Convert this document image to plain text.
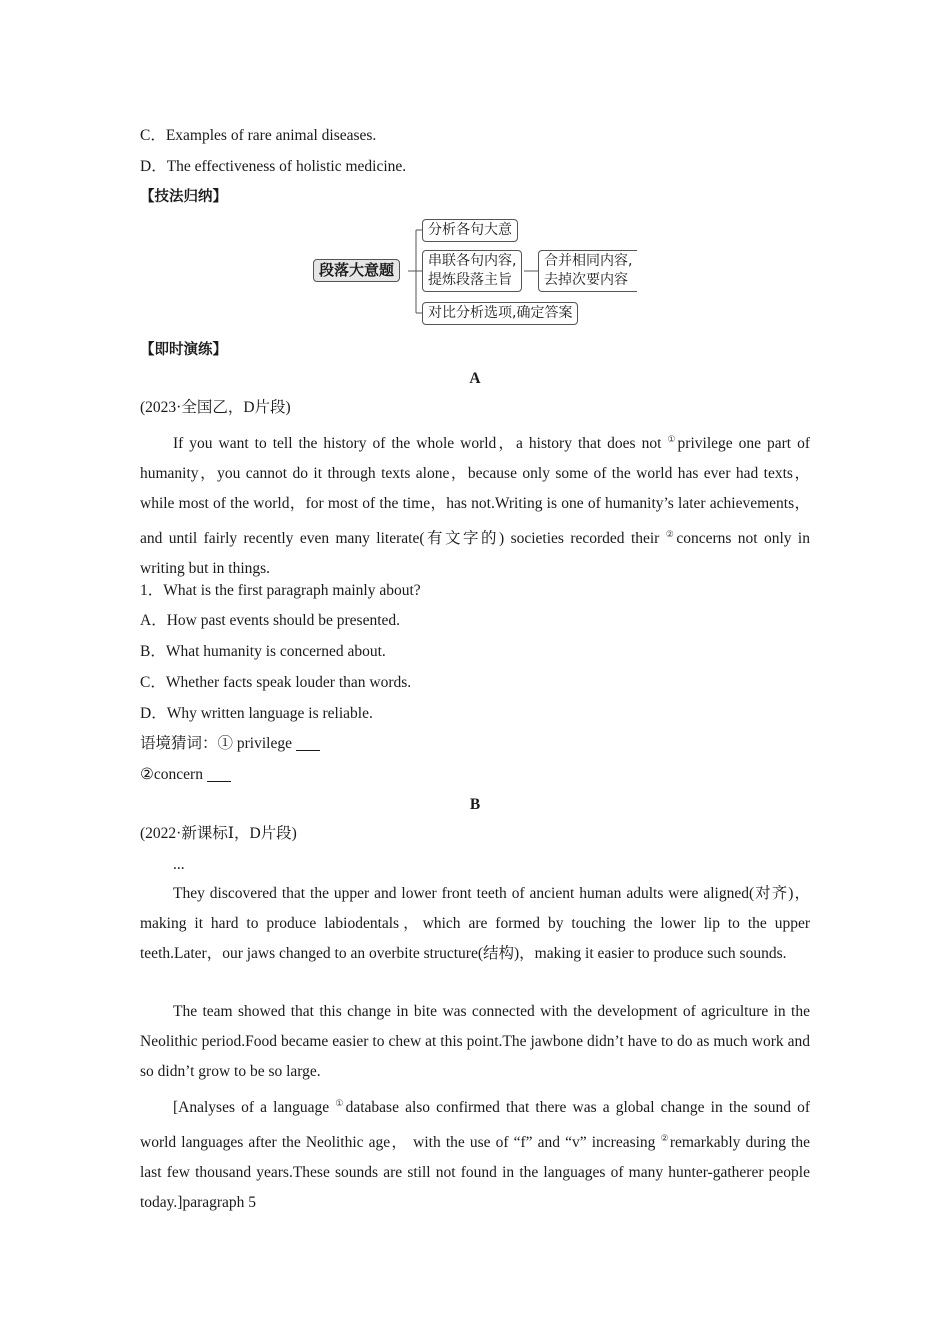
C．Examples of rare animal diseases.
D．The effectiveness of holistic medicine.
【技法归纳】
【即时演练】
A
(2023·全国乙，D片段)
If you want to tell the history of the whole world，a history that does not ①privilege one part of humanity，you cannot do it through texts alone，because only some of the world has ever had texts，while most of the world，for most of the time，has not.Writing is one of humanity’s later achievements， and until fairly recently even many literate(有文字的) societies recorded their ②concerns not only in writing but in things.
1．What is the first paragraph mainly about?
A．How past events should be presented.
B．What humanity is concerned about.
C．Whether facts speak louder than words.
D．Why written language is reliable.
语境猜词：① privilege
②concern
B
(2022·新课标Ⅰ，D片段)
...
They discovered that the upper and lower front teeth of ancient human adults were aligned(对齐)，making it hard to produce labiodentals，which are formed by touching the lower lip to the upper teeth.Later，our jaws changed to an overbite structure(结构)，making it easier to produce such sounds.
The team showed that this change in bite was connected with the development of agriculture in the Neolithic period.Food became easier to chew at this point.The jawbone didn’t have to do as much work and so didn’t grow to be so large.
[Analyses of a language ①database also confirmed that there was a global change in the sound of world languages after the Neolithic age， with the use of “f” and “v” increasing ②remarkably during the last few thousand years.These sounds are still not found in the languages of many hunter-gatherer people today.]paragraph 5
段落大意题
分析各句大意
串联各句内容,
提炼段落主旨
合并相同内容,
去掉次要内容
对比分析选项,确定答案
